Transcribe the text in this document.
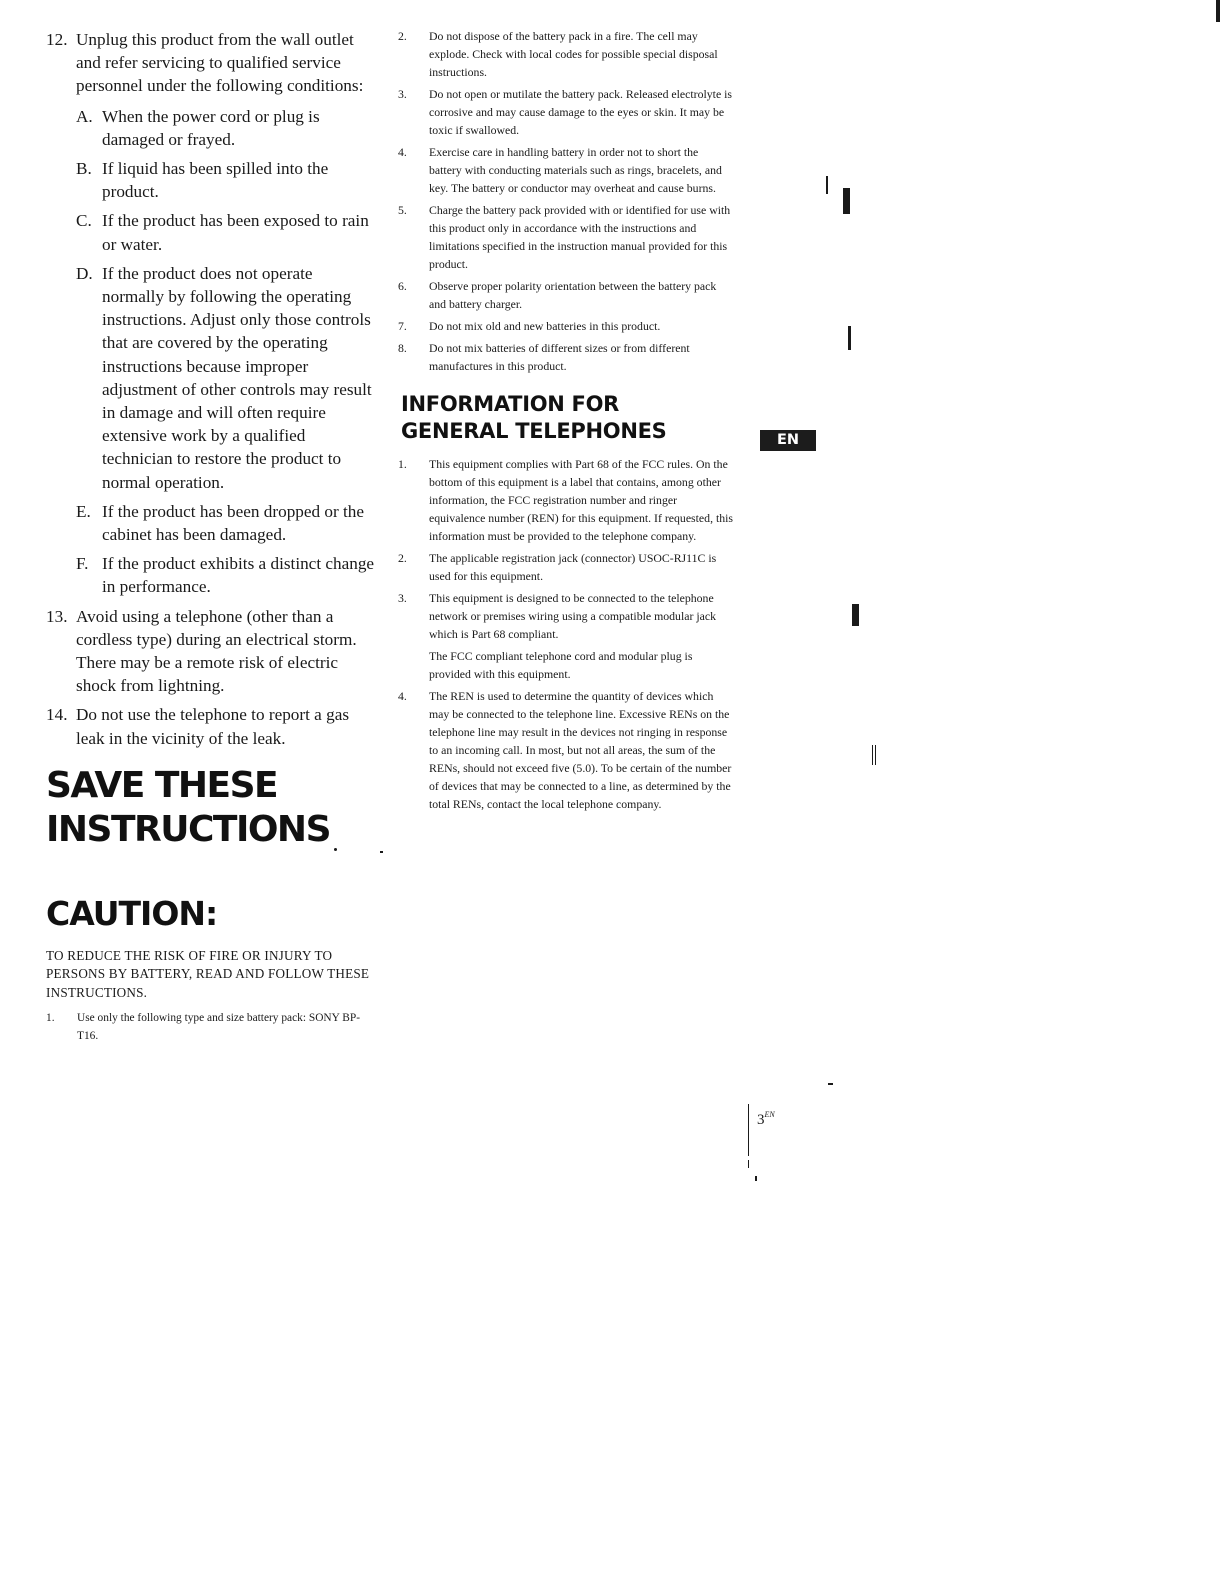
12. Unplug this product from the wall outlet and refer servicing to qualified service personnel under the following conditions:
A. When the power cord or plug is damaged or frayed.
B. If liquid has been spilled into the product.
C. If the product has been exposed to rain or water.
D. If the product does not operate normally by following the operating instructions. Adjust only those controls that are covered by the operating instructions because improper adjustment of other controls may result in damage and will often require extensive work by a qualified technician to restore the product to normal operation.
E. If the product has been dropped or the cabinet has been damaged.
F. If the product exhibits a distinct change in performance.
13. Avoid using a telephone (other than a cordless type) during an electrical storm. There may be a remote risk of electric shock from lightning.
14. Do not use the telephone to report a gas leak in the vicinity of the leak.
SAVE THESE
INSTRUCTIONS
CAUTION:
TO REDUCE THE RISK OF FIRE OR INJURY TO PERSONS BY BATTERY, READ AND FOLLOW THESE INSTRUCTIONS.
1. Use only the following type and size battery pack: SONY BP-T16.
2. Do not dispose of the battery pack in a fire. The cell may explode. Check with local codes for possible special disposal instructions.
3. Do not open or mutilate the battery pack. Released electrolyte is corrosive and may cause damage to the eyes or skin. It may be toxic if swallowed.
4. Exercise care in handling battery in order not to short the battery with conducting materials such as rings, bracelets, and key. The battery or conductor may overheat and cause burns.
5. Charge the battery pack provided with or identified for use with this product only in accordance with the instructions and limitations specified in the instruction manual provided for this product.
6. Observe proper polarity orientation between the battery pack and battery charger.
7. Do not mix old and new batteries in this product.
8. Do not mix batteries of different sizes or from different manufactures in this product.
INFORMATION FOR
GENERAL TELEPHONES
1. This equipment complies with Part 68 of the FCC rules. On the bottom of this equipment is a label that contains, among other information, the FCC registration number and ringer equivalence number (REN) for this equipment. If requested, this information must be provided to the telephone company.
2. The applicable registration jack (connector) USOC-RJ11C is used for this equipment.
3. This equipment is designed to be connected to the telephone network or premises wiring using a compatible modular jack which is Part 68 compliant.
The FCC compliant telephone cord and modular plug is provided with this equipment.
4. The REN is used to determine the quantity of devices which may be connected to the telephone line. Excessive RENs on the telephone line may result in the devices not ringing in response to an incoming call. In most, but not all areas, the sum of the RENs, should not exceed five (5.0). To be certain of the number of devices that may be connected to a line, as determined by the total RENs, contact the local telephone company.
EN
$3^{EN}$
